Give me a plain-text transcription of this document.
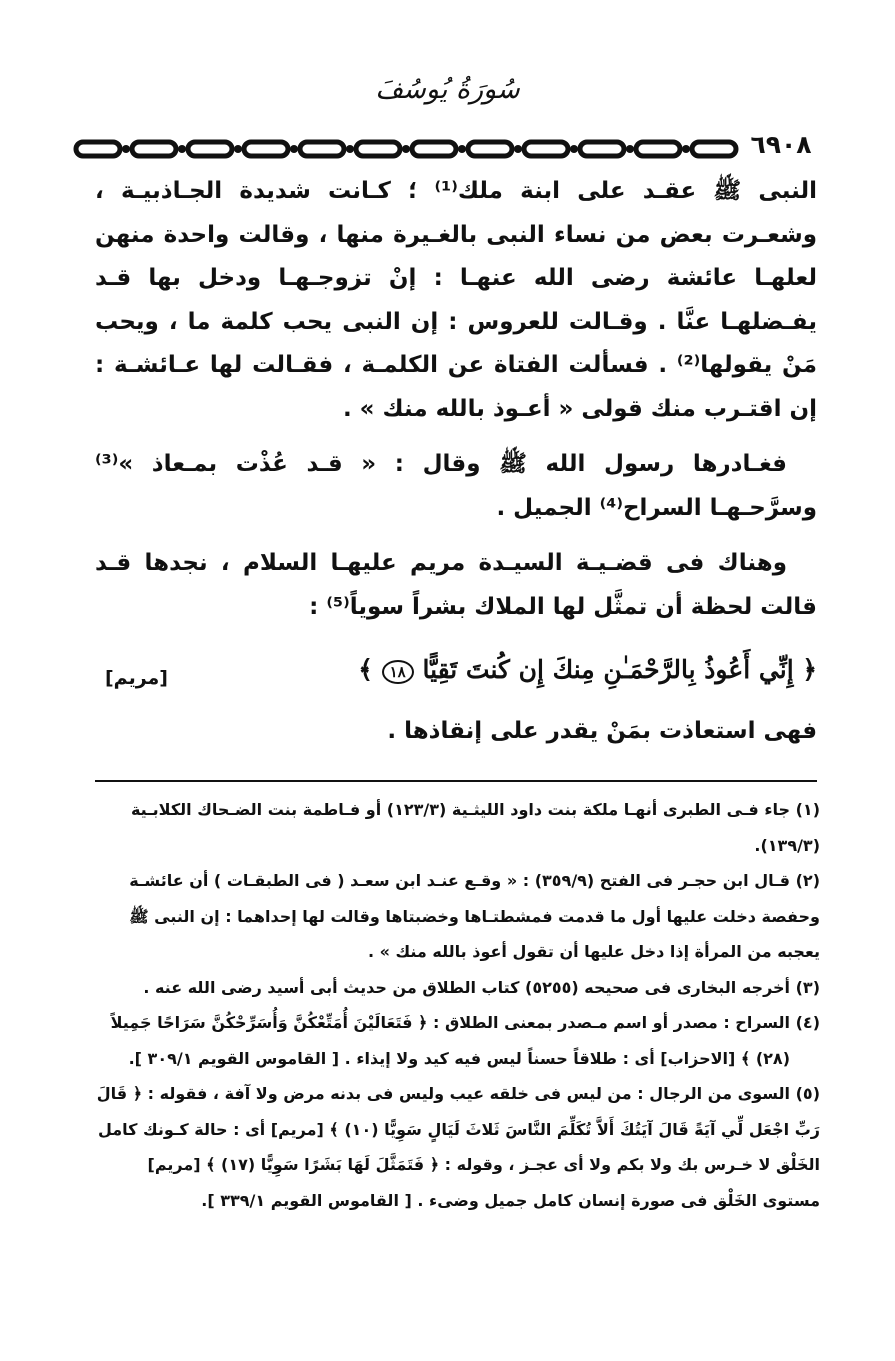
سُورَةُ يُوسُفَ
٦٩٠٨

النبى ﷺ عقـد على ابنة ملك⁽¹⁾ ؛ كـانت شديدة الجـاذبيـة ، وشعـرت بعض من نساء النبى بالغـيرة منها ، وقالت واحدة منهن لعلهـا عائشة رضى الله عنهـا : إنْ تزوجـهـا ودخل بها قـد يفـضلهـا عنَّا . وقـالت للعروس : إن النبى يحب كلمة ما ، ويحب مَنْ يقولها⁽²⁾ . فسألت الفتاة عن الكلمـة ، فقـالت لها عـائشـة : إن اقتـرب منك قولى « أعـوذ بالله منك » .

فغـادرها رسول الله ﷺ وقال : « قـد عُذْت بمـعاذ »⁽³⁾ وسرَّحـهـا السراح⁽⁴⁾ الجميل .

وهناك فى قضـيـة السيـدة مريم عليهـا السلام ، نجدها قـد قالت لحظة أن تمثَّل لها الملاك بشراً سوياً⁽⁵⁾ :

﴿ إِنِّي أَعُوذُ بِالرَّحْمَـٰنِ مِنكَ إِن كُنتَ تَقِيًّا ١٨ ﴾
[مريم]
فهى استعاذت بمَنْ يقدر على إنقاذها .

(١) جاء فـى الطبرى أنهـا ملكة بنت داود الليثـية (١٢٣/٣) أو فـاطمة بنت الضـحاك الكلابـية

(١٣٩/٣).

(٢) قـال ابن حجـر فى الفتح (٣٥٩/٩) : « وقـع عنـد ابن سعـد ( فى الطبقـات ) أن عائشـة

وحفصة دخلت عليها أول ما قدمت فمشطتـاها وخضبتاها وقالت لها إحداهما : إن النبى ﷺ

يعجبه من المرأة إذا دخل عليها أن تقول أعوذ بالله منك » .

(٣) أخرجه البخارى فى صحيحه (٥٢٥٥) كتاب الطلاق من حديث أبى أسيد رضى الله عنه .

(٤) السراح : مصدر أو اسم مـصدر بمعنى الطلاق : ﴿ فَتَعَالَيْنَ أُمَتِّعْكُنَّ وَأُسَرِّحْكُنَّ سَرَاحًا جَمِيلاً

(٢٨) ﴾ [الاحزاب] أى : طلاقاً حسناً ليس فيه كيد ولا إيذاء . [ القاموس القويم ٣٠٩/١ ].

(٥) السوى من الرجال : من ليس فى خلقه عيب وليس فى بدنه مرض ولا آفة ، فقوله : ﴿ قَالَ

رَبِّ اجْعَل لِّي آيَةً قَالَ آيَتُكَ أَلاَّ تُكَلِّمَ النَّاسَ ثَلاثَ لَيَالٍ سَوِيًّا (١٠) ﴾ [مريم] أى : حالة كـونك كامل

الخَلْق لا خـرس بك ولا بكم ولا أى عجـز ، وقوله : ﴿ فَتَمَثَّلَ لَهَا بَشَرًا سَوِيًّا (١٧) ﴾ [مريم]

مستوى الخَلْق فى صورة إنسان كامل جميل وضىء . [ القاموس القويم ٣٣٩/١ ].
